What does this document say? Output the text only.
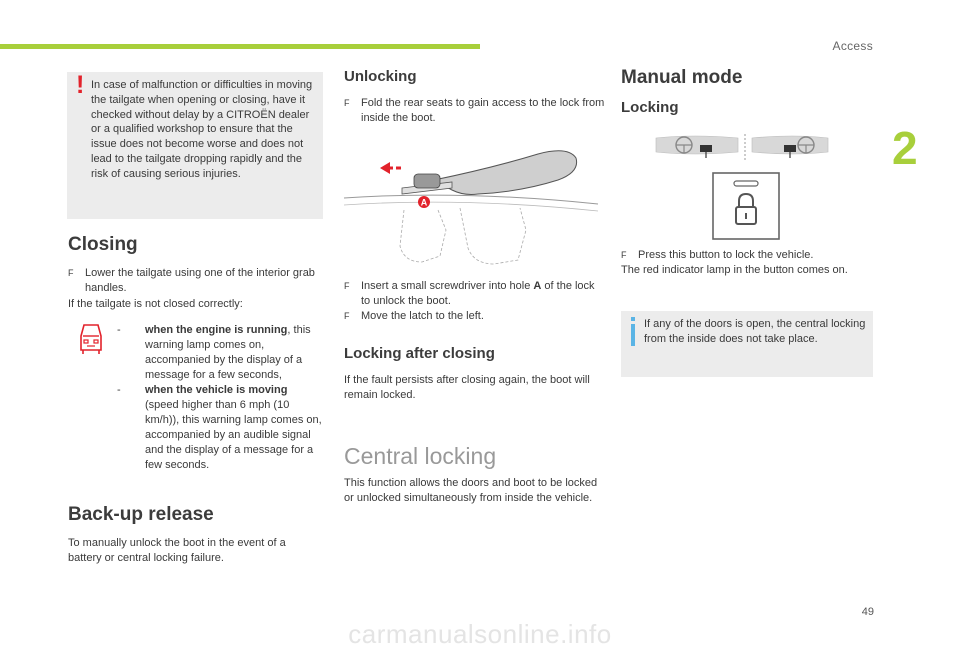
Access
2
! In case of malfunction or difficulties in moving the tailgate when opening or closing, have it checked without delay by a CITROËN dealer or a qualified workshop to ensure that the issue does not become worse and does not lead to the tailgate dropping rapidly and the risk of causing serious injuries.
Closing
F Lower the tailgate using one of the interior grab handles.
If the tailgate is not closed correctly:
- when the engine is running, this warning lamp comes on, accompanied by the display of a message for a few seconds,
- when the vehicle is moving (speed higher than 6 mph (10 km/h)), this warning lamp comes on, accompanied by an audible signal and the display of a message for a few seconds.
Back-up release
To manually unlock the boot in the event of a battery or central locking failure.
Unlocking
F Fold the rear seats to gain access to the lock from inside the boot.
A
F Insert a small screwdriver into hole A of the lock to unlock the boot.
F Move the latch to the left.
Locking after closing
If the fault persists after closing again, the boot will remain locked.
Central locking
This function allows the doors and boot to be locked or unlocked simultaneously from inside the vehicle.
Manual mode
Locking
F Press this button to lock the vehicle.
The red indicator lamp in the button comes on.
If any of the doors is open, the central locking from the inside does not take place.
49
carmanualsonline.info
